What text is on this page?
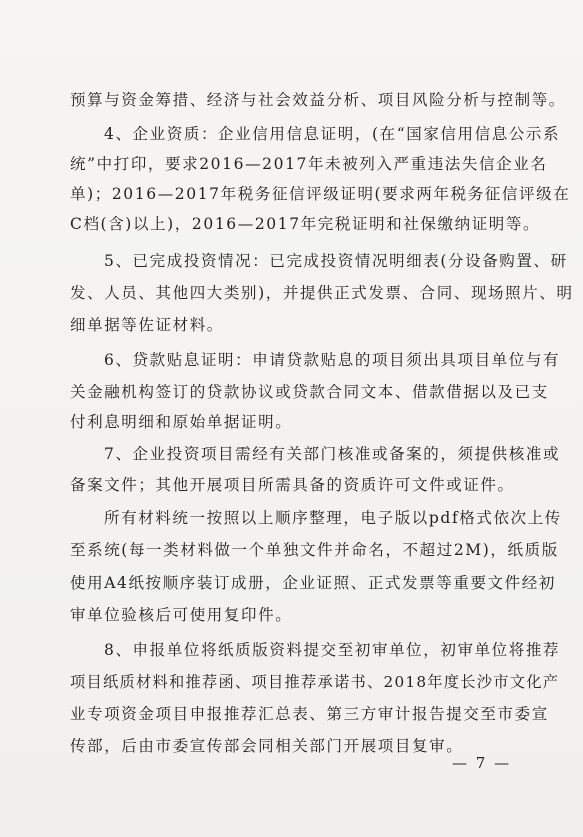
预算与资金筹措、经济与社会效益分析、项目风险分析与控制等。
4、企业资质：企业信用信息证明，(在“国家信用信息公示系
统”中打印，要求2016—2017年未被列入严重违法失信企业名
单)；2016—2017年税务征信评级证明(要求两年税务征信评级在
C档(含)以上)，2016—2017年完税证明和社保缴纳证明等。
5、已完成投资情况：已完成投资情况明细表(分设备购置、研
发、人员、其他四大类别)，并提供正式发票、合同、现场照片、明
细单据等佐证材料。
6、贷款贴息证明：申请贷款贴息的项目须出具项目单位与有
关金融机构签订的贷款协议或贷款合同文本、借款借据以及已支
付利息明细和原始单据证明。
7、企业投资项目需经有关部门核准或备案的，须提供核准或
备案文件；其他开展项目所需具备的资质许可文件或证件。
所有材料统一按照以上顺序整理，电子版以pdf格式依次上传
至系统(每一类材料做一个单独文件并命名，不超过2M)，纸质版
使用A4纸按顺序装订成册，企业证照、正式发票等重要文件经初
审单位验核后可使用复印件。
8、申报单位将纸质版资料提交至初审单位，初审单位将推荐
项目纸质材料和推荐函、项目推荐承诺书、2018年度长沙市文化产
业专项资金项目申报推荐汇总表、第三方审计报告提交至市委宣
传部，后由市委宣传部会同相关部门开展项目复审。
— 7 —
